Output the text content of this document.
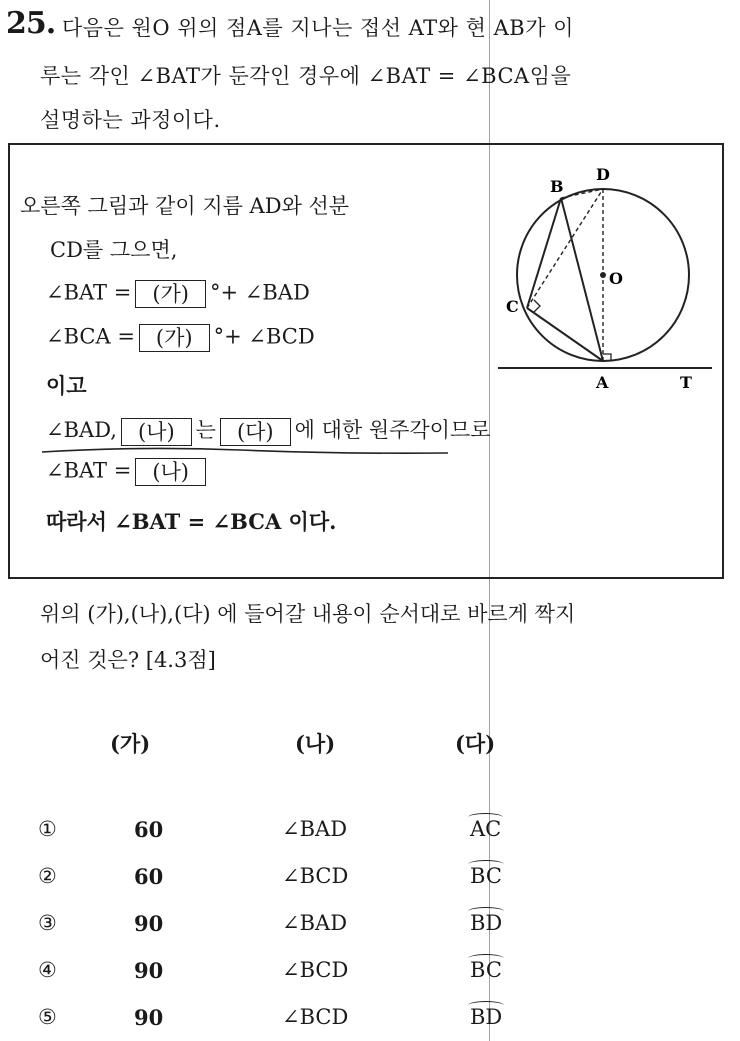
25. 다음은 원O 위의 점A를 지나는 접선 AT와 현 AB가 이
루는 각인 ∠BAT가 둔각인 경우에 ∠BAT = ∠BCA임을
설명하는 과정이다.
오른쪽 그림과 같이 지름 AD와 선분
CD를 그으면,
∠BAT = (가) °+ ∠BAD
∠BCA = (가) °+ ∠BCD
이고
∠BAD, (나) 는 (다) 에 대한 원주각이므로
∠BAT = (나)
따라서 ∠BAT = ∠BCA 이다.
B
D
O
C
A	T
위의 (가),(나),(다) 에 들어갈 내용이 순서대로 바르게 짝지
어진 것은? [4.3점]
(가)	(나)	(다)
①	60	∠BAD	AC
②	60	∠BCD	BC
③	90	∠BAD	BD
④	90	∠BCD	BC
⑤	90	∠BCD	BD
